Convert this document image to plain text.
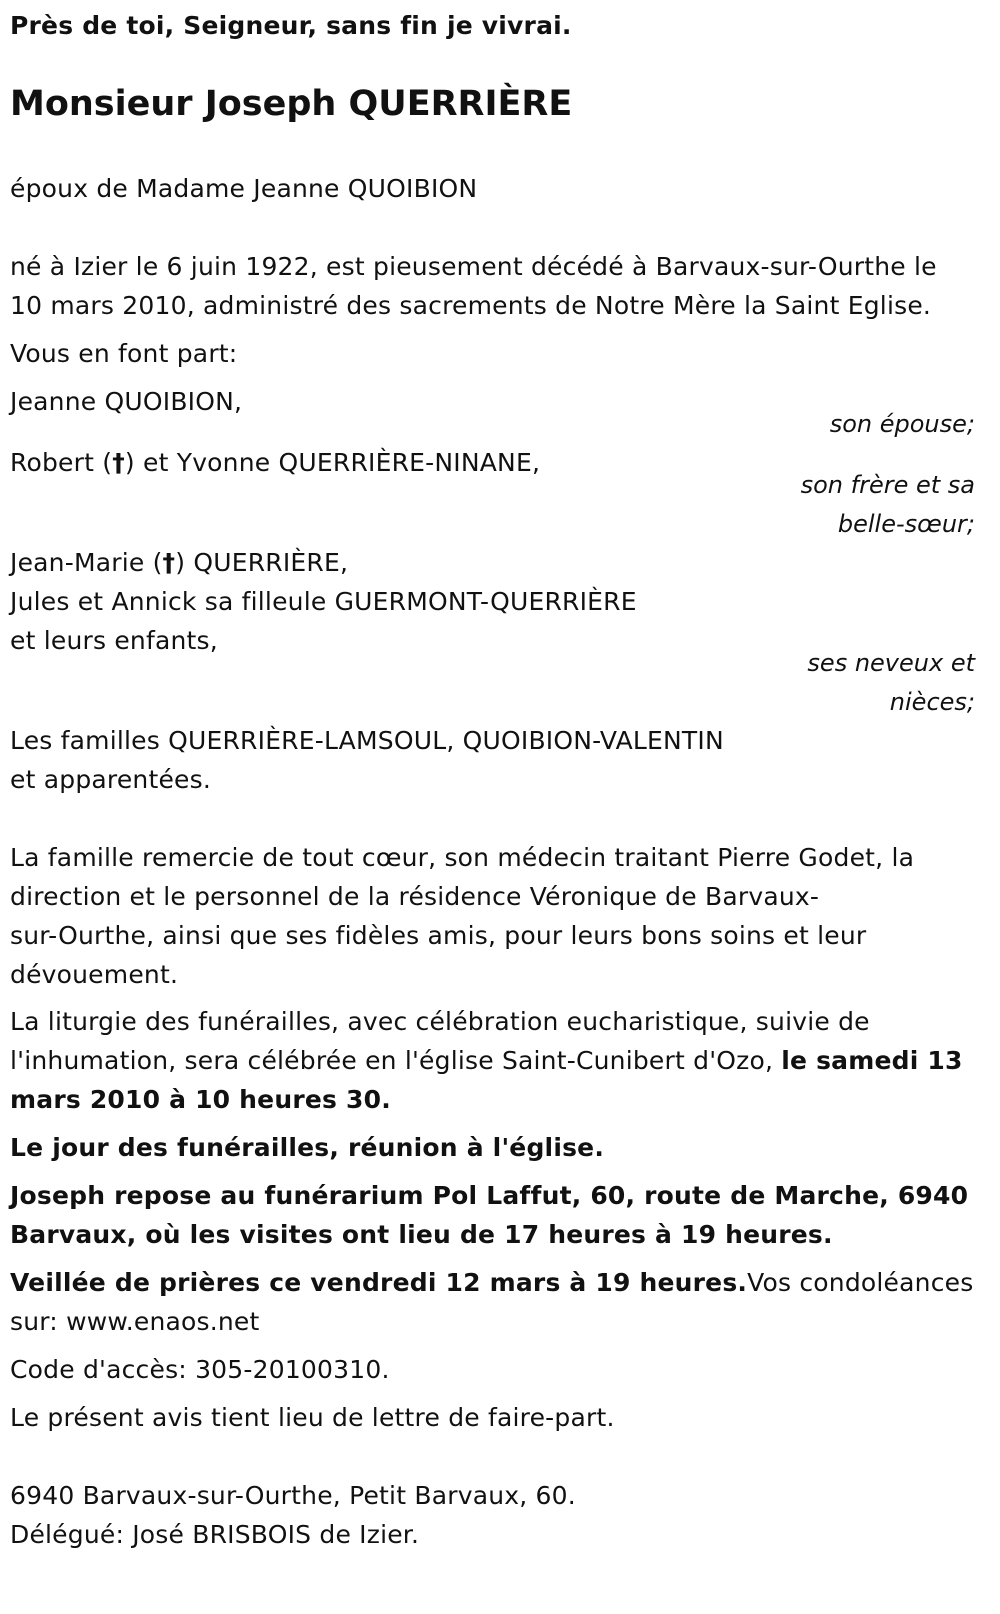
Près de toi, Seigneur, sans fin je vivrai.
Monsieur Joseph QUERRIÈRE
époux de Madame Jeanne QUOIBION
né à Izier le 6 juin 1922, est pieusement décédé à Barvaux-sur-Ourthe le
10 mars 2010, administré des sacrements de Notre Mère la Saint Eglise.
Vous en font part:
Jeanne QUOIBION,
son épouse;
Robert (†) et Yvonne QUERRIÈRE-NINANE,
son frère et sa
belle-sœur;
Jean-Marie (†) QUERRIÈRE,
Jules et Annick sa filleule GUERMONT-QUERRIÈRE
et leurs enfants,
ses neveux et
nièces;
Les familles QUERRIÈRE-LAMSOUL, QUOIBION-VALENTIN
et apparentées.
La famille remercie de tout cœur, son médecin traitant Pierre Godet, la
direction et le personnel de la résidence Véronique de Barvaux-
sur-Ourthe, ainsi que ses fidèles amis, pour leurs bons soins et leur
dévouement.
La liturgie des funérailles, avec célébration eucharistique, suivie de
l'inhumation, sera célébrée en l'église Saint-Cunibert d'Ozo, le samedi 13
mars 2010 à 10 heures 30.
Le jour des funérailles, réunion à l'église.
Joseph repose au funérarium Pol Laffut, 60, route de Marche, 6940
Barvaux, où les visites ont lieu de 17 heures à 19 heures.
Veillée de prières ce vendredi 12 mars à 19 heures.Vos condoléances
sur: www.enaos.net
Code d'accès: 305-20100310.
Le présent avis tient lieu de lettre de faire-part.
6940 Barvaux-sur-Ourthe, Petit Barvaux, 60.
Délégué: José BRISBOIS de Izier.
